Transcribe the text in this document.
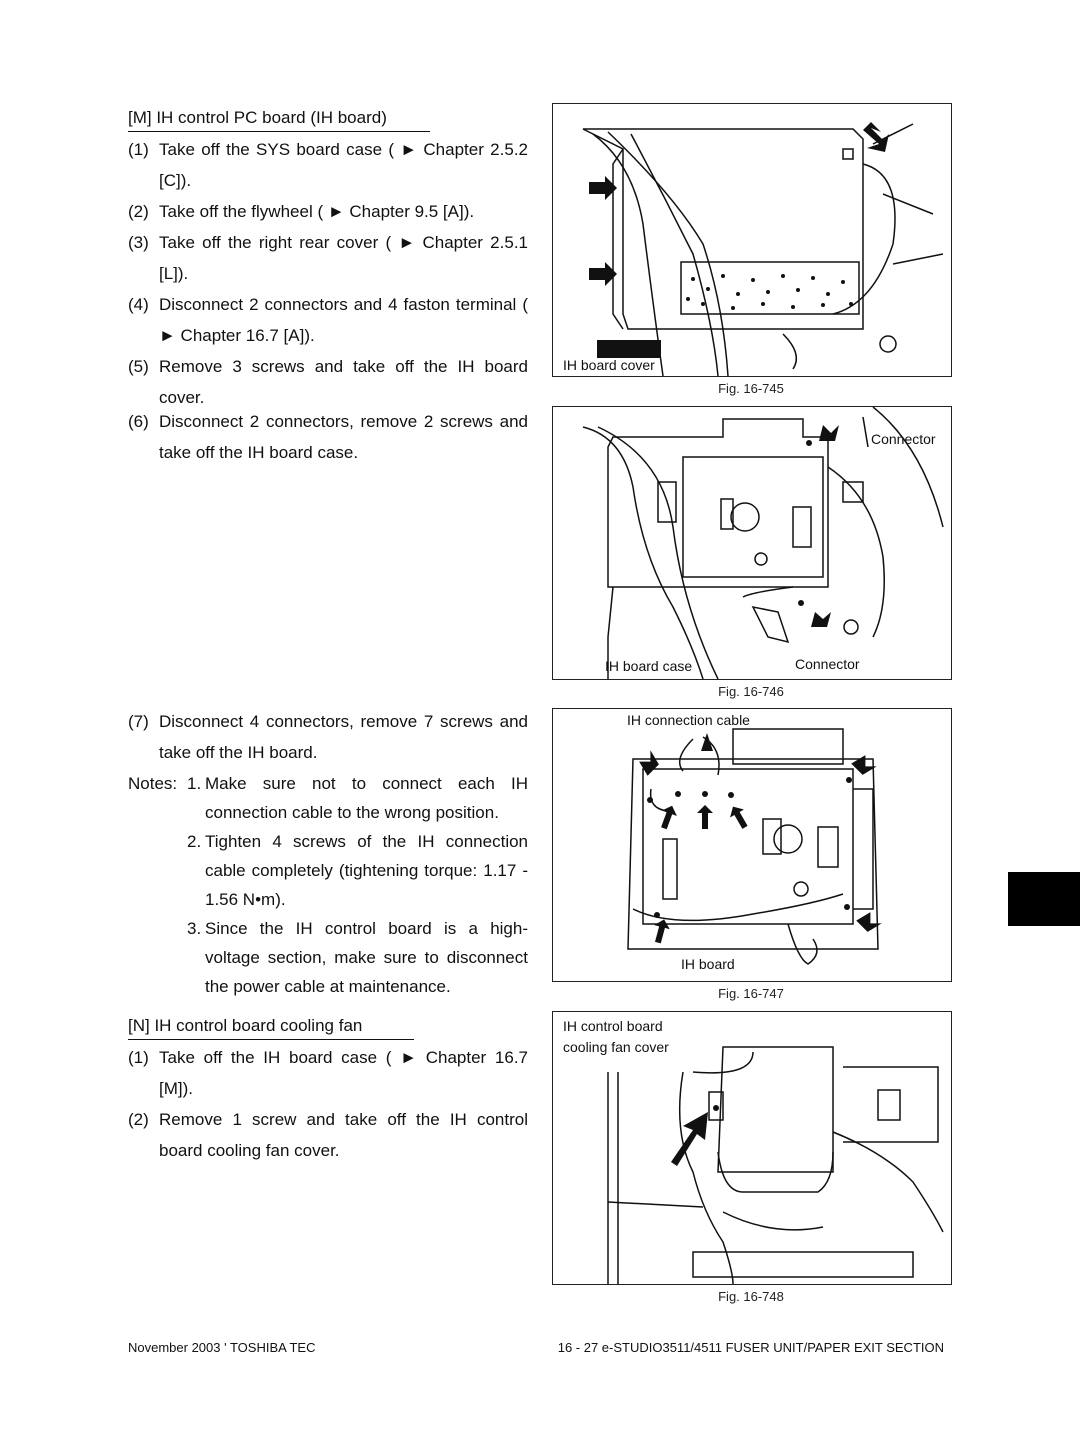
[M] IH control PC board (IH board)
(1) Take off the SYS board case ( ► Chapter 2.5.2 [C]).
(2) Take off the flywheel ( ► Chapter 9.5 [A]).
(3) Take off the right rear cover ( ► Chapter 2.5.1 [L]).
(4) Disconnect 2 connectors and 4 faston terminal ( ► Chapter 16.7 [A]).
(5) Remove 3 screws and take off the IH board cover.
(6) Disconnect 2 connectors, remove 2 screws and take off the IH board case.
(7) Disconnect 4 connectors, remove 7 screws and take off the IH board.
Notes: 1. Make sure not to connect each IH connection cable to the wrong position.
2. Tighten 4 screws of the IH connection cable completely (tightening torque: 1.17 - 1.56 N•m).
3. Since the IH control board is a high-voltage section, make sure to disconnect the power cable at maintenance.
[N] IH control board cooling fan
(1) Take off the IH board case ( ► Chapter 16.7 [M]).
(2) Remove 1 screw and take off the IH control board cooling fan cover.
IH board cover
Fig. 16-745
Connector
IH board case	Connector
Fig. 16-746
IH connection cable
IH board
Fig. 16-747
IH control board
cooling fan cover
Fig. 16-748
November 2003 ' TOSHIBA TEC	16 - 27 e-STUDIO3511/4511 FUSER UNIT/PAPER EXIT SECTION
